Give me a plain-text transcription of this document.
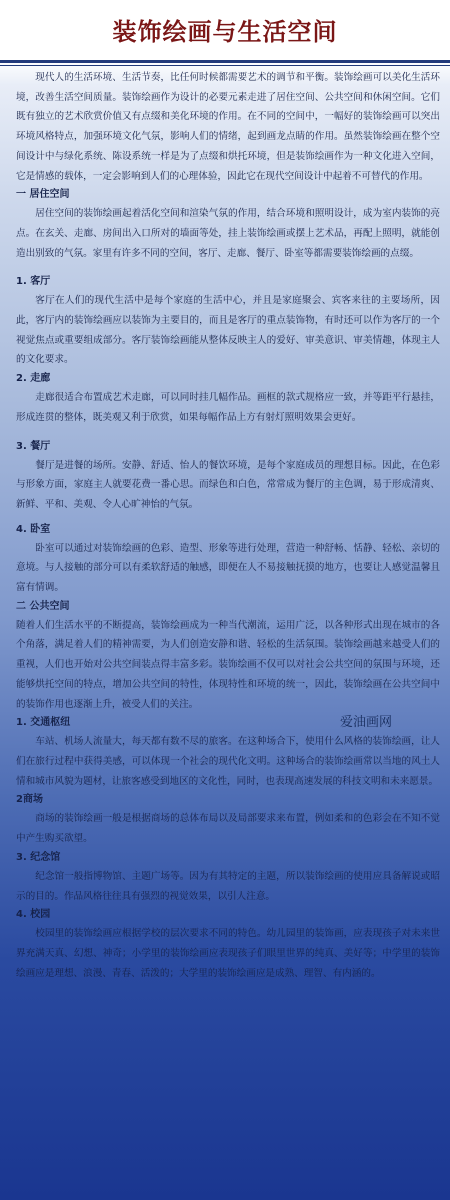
装饰绘画与生活空间

现代人的生活环境、生活节奏，比任何时候都需要艺术的调节和平衡。装饰绘画可以美化生活环境，改善生活空间质量。装饰绘画作为设计的必要元素走进了居住空间、公共空间和休闲空间。它们既有独立的艺术欣赏价值又有点缀和美化环境的作用。在不同的空间中，一幅好的装饰绘画可以突出环境风格特点，加强环境文化气氛，影响人们的情绪，起到画龙点睛的作用。虽然装饰绘画在整个空间设计中与绿化系统、陈设系统一样是为了点缀和烘托环境，但是装饰绘画作为一种文化进入空间，它是情感的载体，一定会影响到人们的心理体验，因此它在现代空间设计中起着不可替代的作用。

一 居住空间

居住空间的装饰绘画起着活化空间和渲染气氛的作用，结合环境和照明设计，成为室内装饰的亮点。在玄关、走廊、房间出入口所对的墙面等处，挂上装饰绘画或摆上艺术品，再配上照明，就能创造出别致的气氛。家里有许多不同的空间，客厅、走廊、餐厅、卧室等都需要装饰绘画的点缀。

1. 客厅

客厅在人们的现代生活中是每个家庭的生活中心，并且是家庭聚会、宾客来往的主要场所，因此，客厅内的装饰绘画应以装饰为主要目的，而且是客厅的重点装饰物，有时还可以作为客厅的一个视觉焦点或重要组成部分。客厅装饰绘画能从整体反映主人的爱好、审美意识、审美情趣，体现主人的文化要求。

2. 走廊

走廊很适合布置成艺术走廊，可以同时挂几幅作品。画框的款式规格应一致，并等距平行悬挂，形成连贯的整体，既美观又利于欣赏，如果每幅作品上方有射灯照明效果会更好。

3. 餐厅

餐厅是进餐的场所。安静、舒适、怡人的餐饮环境，是每个家庭成员的理想目标。因此，在色彩与形象方面，家庭主人就要花费一番心思。而绿色和白色，常常成为餐厅的主色调，易于形成清爽、新鲜、平和、美观、令人心旷神怡的气氛。

4. 卧室

卧室可以通过对装饰绘画的色彩、造型、形象等进行处理，营造一种舒畅、恬静、轻松、亲切的意境。与人接触的部分可以有柔软舒适的触感，即便在人不易接触抚摸的地方，也要让人感觉温馨且富有情调。

二 公共空间

随着人们生活水平的不断提高，装饰绘画成为一种当代潮流，运用广泛，以各种形式出现在城市的各个角落，满足着人们的精神需要，为人们创造安静和谐、轻松的生活氛围。装饰绘画越来越受人们的重视，人们也开始对公共空间装点得丰富多彩。装饰绘画不仅可以对社会公共空间的氛围与环境，还能够烘托空间的特点，增加公共空间的特性，体现特性和环境的统一，因此，装饰绘画在公共空间中的装饰作用也逐渐上升，被受人们的关注。

1. 交通枢纽

车站、机场人流量大，每天都有数不尽的旅客。在这种场合下，使用什么风格的装饰绘画，让人们在旅行过程中获得美感，可以体现一个社会的现代化文明。这种场合的装饰绘画常以当地的风土人情和城市风貌为题材，让旅客感受到地区的文化性，同时，也表现高速发展的科技文明和未来愿景。

2商场

商场的装饰绘画一般是根据商场的总体布局以及局部要求来布置，例如柔和的色彩会在不知不觉中产生购买欲望。

3. 纪念馆

纪念馆一般指博物馆、主题广场等。因为有其特定的主题，所以装饰绘画的使用应具备解说或昭示的目的。作品风格往往具有强烈的视觉效果，以引人注意。

4. 校园

校园里的装饰绘画应根据学校的层次要求不同的特色。幼儿园里的装饰画，应表现孩子对未来世界充满天真、幻想、神奇；小学里的装饰绘画应表现孩子们眼里世界的纯真、美好等；中学里的装饰绘画应是理想、浪漫、青春、活泼的；大学里的装饰绘画应是成熟、理智、有内涵的。

爱油画网
